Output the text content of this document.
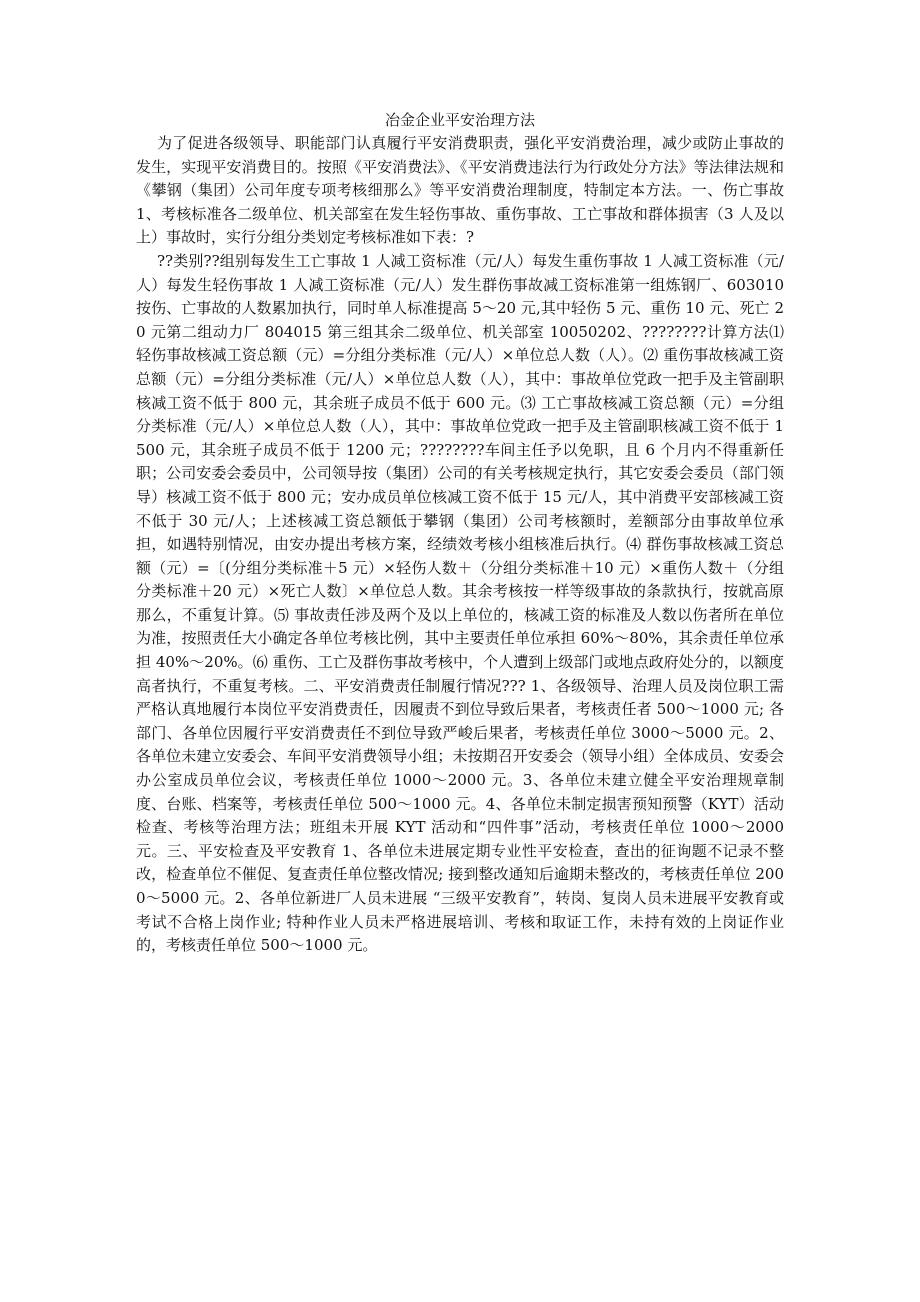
冶金企业平安治理方法

为了促进各级领导、职能部门认真履行平安消费职责，强化平安消费治理，减少或防止事故的发生，实现平安消费目的。按照《平安消费法》、《平安消费违法行为行政处分方法》等法律法规和《攀钢（集团）公司年度专项考核细那么》等平安消费治理制度，特制定本方法。一、伤亡事故 1、考核标准各二级单位、机关部室在发生轻伤事故、重伤事故、工亡事故和群体损害（3 人及以上）事故时，实行分组分类划定考核标准如下表：?

??类别??组别每发生工亡事故 1 人减工资标准（元/人）每发生重伤事故 1 人减工资标准（元/人）每发生轻伤事故 1 人减工资标准（元/人）发生群伤事故减工资标准第一组炼钢厂、603010 按伤、亡事故的人数累加执行，同时单人标准提高 5～20 元,其中轻伤 5 元、重伤 10 元、死亡 20 元第二组动力厂 804015 第三组其余二级单位、机关部室 10050202、????????计算方法⑴ 轻伤事故核减工资总额（元）=分组分类标准（元/人）×单位总人数（人）。⑵ 重伤事故核减工资总额（元）=分组分类标准（元/人）×单位总人数（人），其中：事故单位党政一把手及主管副职核减工资不低于 800 元，其余班子成员不低于 600 元。⑶ 工亡事故核减工资总额（元）=分组分类标准（元/人）×单位总人数（人），其中：事故单位党政一把手及主管副职核减工资不低于 1500 元，其余班子成员不低于 1200 元；????????车间主任予以免职，且 6 个月内不得重新任职；公司安委会委员中，公司领导按（集团）公司的有关考核规定执行，其它安委会委员（部门领导）核减工资不低于 800 元；安办成员单位核减工资不低于 15 元/人，其中消费平安部核减工资不低于 30 元/人；上述核减工资总额低于攀钢（集团）公司考核额时，差额部分由事故单位承担，如遇特别情况，由安办提出考核方案，经绩效考核小组核准后执行。⑷ 群伤事故核减工资总额（元）=〔(分组分类标准＋5 元）×轻伤人数＋（分组分类标准＋10 元）×重伤人数＋（分组分类标准＋20 元）×死亡人数〕×单位总人数。其余考核按一样等级事故的条款执行，按就高原那么，不重复计算。⑸ 事故责任涉及两个及以上单位的，核减工资的标准及人数以伤者所在单位为准，按照责任大小确定各单位考核比例，其中主要责任单位承担 60%～80%，其余责任单位承担 40%～20%。⑹ 重伤、工亡及群伤事故考核中，个人遭到上级部门或地点政府处分的，以额度高者执行，不重复考核。二、平安消费责任制履行情况??? 1、各级领导、治理人员及岗位职工需严格认真地履行本岗位平安消费责任，因履责不到位导致后果者，考核责任者 500～1000 元; 各部门、各单位因履行平安消费责任不到位导致严峻后果者，考核责任单位 3000～5000 元。2、各单位未建立安委会、车间平安消费领导小组；未按期召开安委会（领导小组）全体成员、安委会办公室成员单位会议，考核责任单位 1000～2000 元。3、各单位未建立健全平安治理规章制度、台账、档案等，考核责任单位 500～1000 元。4、各单位未制定损害预知预警（KYT）活动检查、考核等治理方法；班组未开展 KYT 活动和“四件事”活动，考核责任单位 1000～2000 元。三、平安检查及平安教育 1、各单位未进展定期专业性平安检查，查出的征询题不记录不整改，检查单位不催促、复查责任单位整改情况; 接到整改通知后逾期未整改的，考核责任单位 2000～5000 元。2、各单位新进厂人员未进展 “三级平安教育”，转岗、复岗人员未进展平安教育或考试不合格上岗作业; 特种作业人员未严格进展培训、考核和取证工作，未持有效的上岗证作业的，考核责任单位 500～1000 元。
